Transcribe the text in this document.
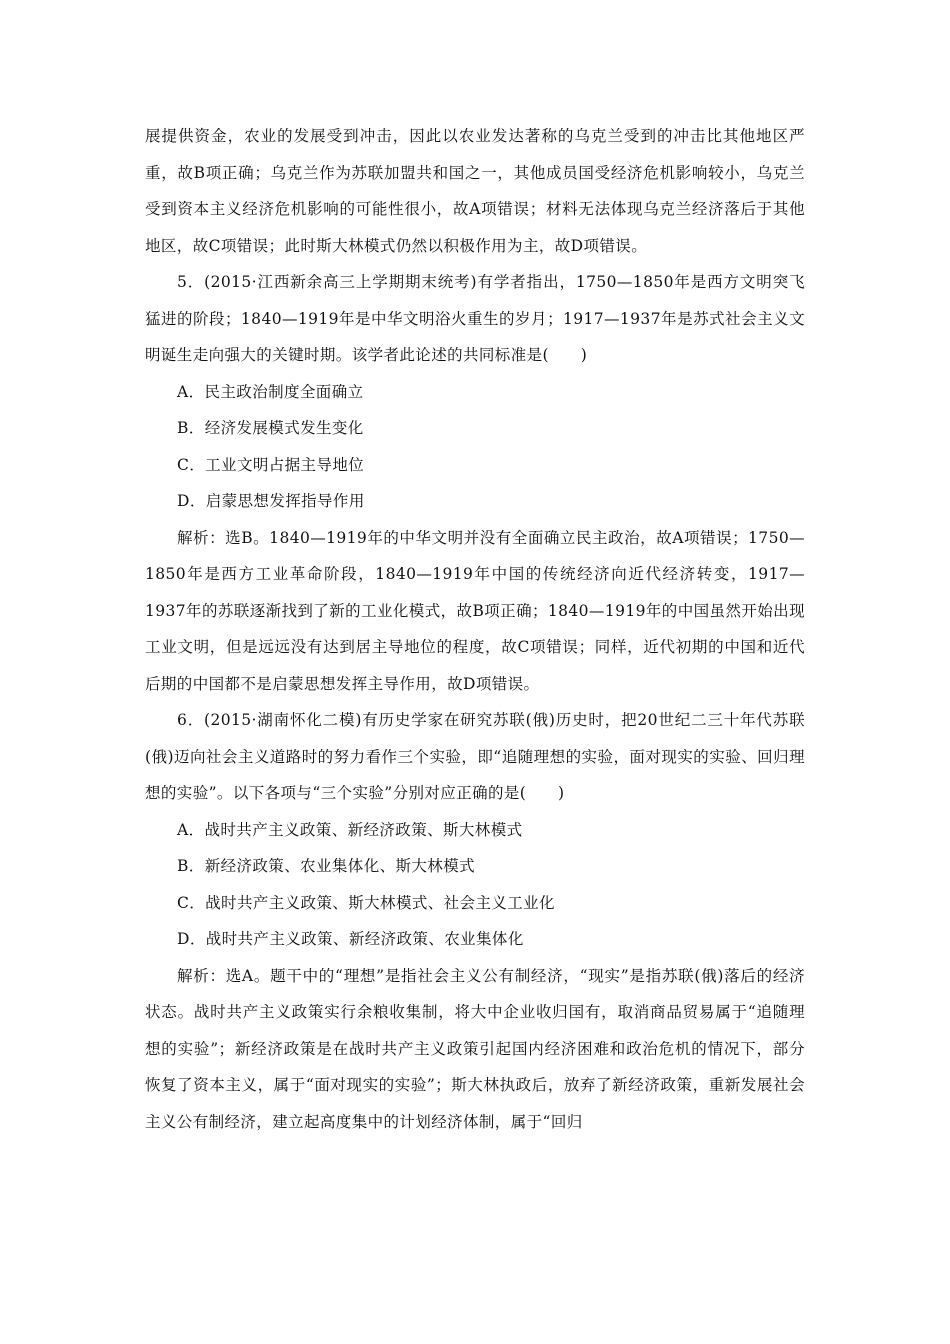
展提供资金，农业的发展受到冲击，因此以农业发达著称的乌克兰受到的冲击比其他地区严重，故B项正确；乌克兰作为苏联加盟共和国之一，其他成员国受经济危机影响较小，乌克兰受到资本主义经济危机影响的可能性很小，故A项错误；材料无法体现乌克兰经济落后于其他地区，故C项错误；此时斯大林模式仍然以积极作用为主，故D项错误。

5．(2015·江西新余高三上学期期末统考)有学者指出，1750—1850年是西方文明突飞猛进的阶段；1840—1919年是中华文明浴火重生的岁月；1917—1937年是苏式社会主义文明诞生走向强大的关键时期。该学者此论述的共同标准是(　　)

A．民主政治制度全面确立

B．经济发展模式发生变化

C．工业文明占据主导地位

D．启蒙思想发挥指导作用

解析：选B。1840—1919年的中华文明并没有全面确立民主政治，故A项错误；1750—1850年是西方工业革命阶段，1840—1919年中国的传统经济向近代经济转变，1917—1937年的苏联逐渐找到了新的工业化模式，故B项正确；1840—1919年的中国虽然开始出现工业文明，但是远远没有达到居主导地位的程度，故C项错误；同样，近代初期的中国和近代后期的中国都不是启蒙思想发挥主导作用，故D项错误。

6．(2015·湖南怀化二模)有历史学家在研究苏联(俄)历史时，把20世纪二三十年代苏联(俄)迈向社会主义道路时的努力看作三个实验，即“追随理想的实验，面对现实的实验、回归理想的实验”。以下各项与“三个实验”分别对应正确的是(　　)

A．战时共产主义政策、新经济政策、斯大林模式

B．新经济政策、农业集体化、斯大林模式

C．战时共产主义政策、斯大林模式、社会主义工业化

D．战时共产主义政策、新经济政策、农业集体化

解析：选A。题干中的“理想”是指社会主义公有制经济，“现实”是指苏联(俄)落后的经济状态。战时共产主义政策实行余粮收集制，将大中企业收归国有，取消商品贸易属于“追随理想的实验”；新经济政策是在战时共产主义政策引起国内经济困难和政治危机的情况下，部分恢复了资本主义，属于“面对现实的实验”；斯大林执政后，放弃了新经济政策，重新发展社会主义公有制经济，建立起高度集中的计划经济体制，属于“回归
